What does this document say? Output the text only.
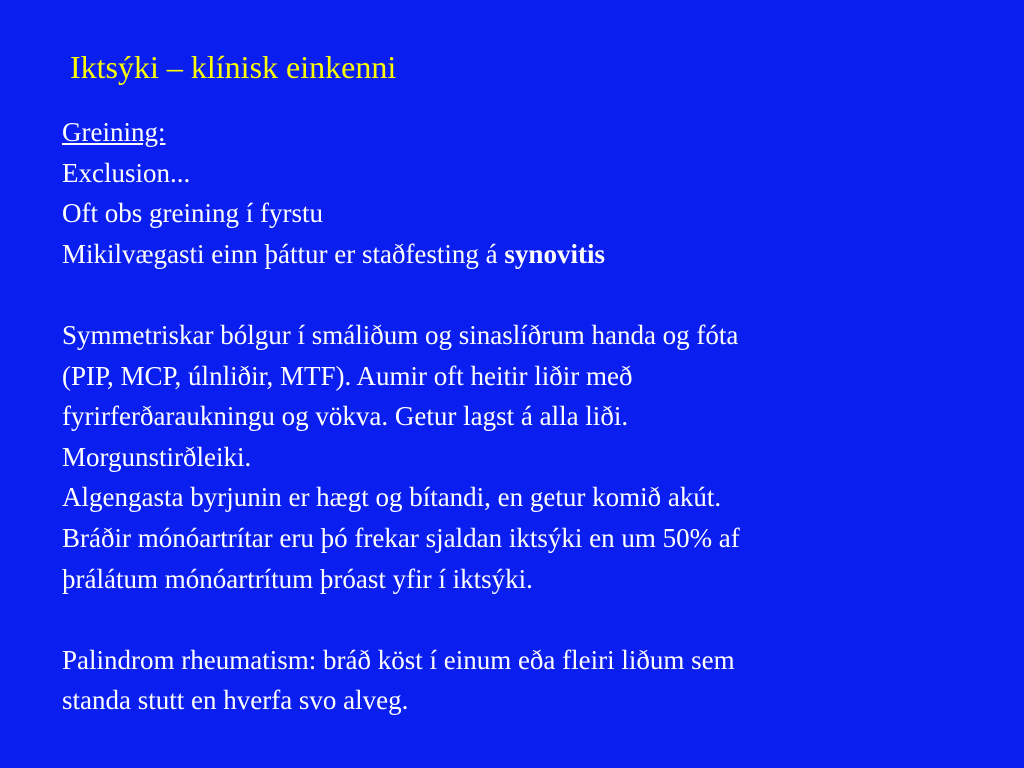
Iktsýki – klínisk einkenni
Greining:
Exclusion...
Oft obs greining í fyrstu
Mikilvægasti einn þáttur er staðfesting á synovitis
Symmetriskar bólgur í smáliðum og sinaslíðrum handa og fóta
(PIP, MCP, úlnliðir, MTF). Aumir oft heitir liðir með
fyrirferðaraukningu og vökva. Getur lagst á alla liði.
Morgunstirðleiki.
Algengasta byrjunin er hægt og bítandi, en getur komið akút.
Bráðir mónóartrítar eru þó frekar sjaldan iktsýki en um 50% af
þrálátum mónóartrítum þróast yfir í iktsýki.
Palindrom rheumatism: bráð köst í einum eða fleiri liðum sem
standa stutt en hverfa svo alveg.
